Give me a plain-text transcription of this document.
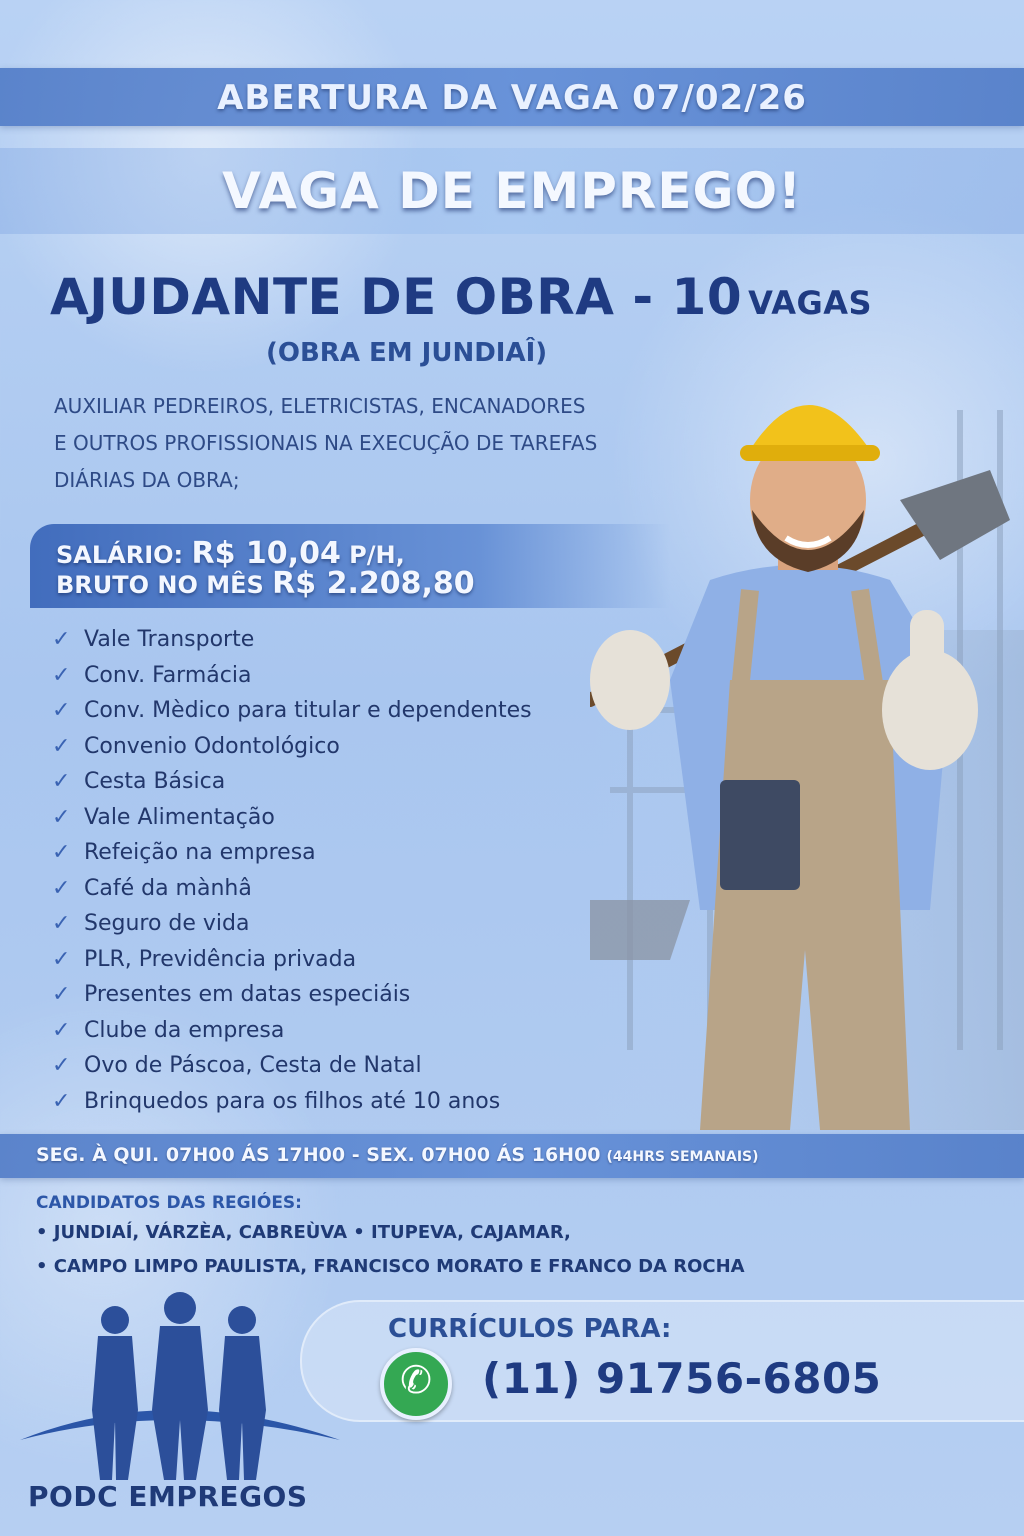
ABERTURA DA VAGA 07/02/26
VAGA DE EMPREGO!
AJUDANTE DE OBRA - 10 VAGAS
(OBRA EM JUNDIAÎ)
AUXILIAR PEDREIROS, ELETRICISTAS, ENCANADORES
E OUTROS PROFISSIONAIS NA EXECUÇÃO DE TAREFAS
DIÁRIAS DA OBRA;
SALÁRIO: R$ 10,04 P/H,
BRUTO NO MÊS R$ 2.208,80
✓ Vale Transporte
✓ Conv. Farmácia
✓ Conv. Mèdico para titular e dependentes
✓ Convenio Odontológico
✓ Cesta Básica
✓ Vale Alimentação
✓ Refeição na empresa
✓ Café da mànhâ
✓ Seguro de vida
✓ PLR, Previdência privada
✓ Presentes em datas especiáis
✓ Clube da empresa
✓ Ovo de Páscoa, Cesta de Natal
✓ Brinquedos para os filhos até 10 anos
SEG. À QUI. 07H00 ÁS 17H00 - SEX. 07H00 ÁS 16H00 (44HRS SEMANAIS)
CANDIDATOS DAS REGIÓES:
• JUNDIAÍ, VÁRZÈA, CABREÙVA • ITUPEVA, CAJAMAR,
• CAMPO LIMPO PAULISTA, FRANCISCO MORATO E FRANCO DA ROCHA
PODC EMPREGOS
CURRÍCULOS PARA:
✆
(11) 91756-6805
